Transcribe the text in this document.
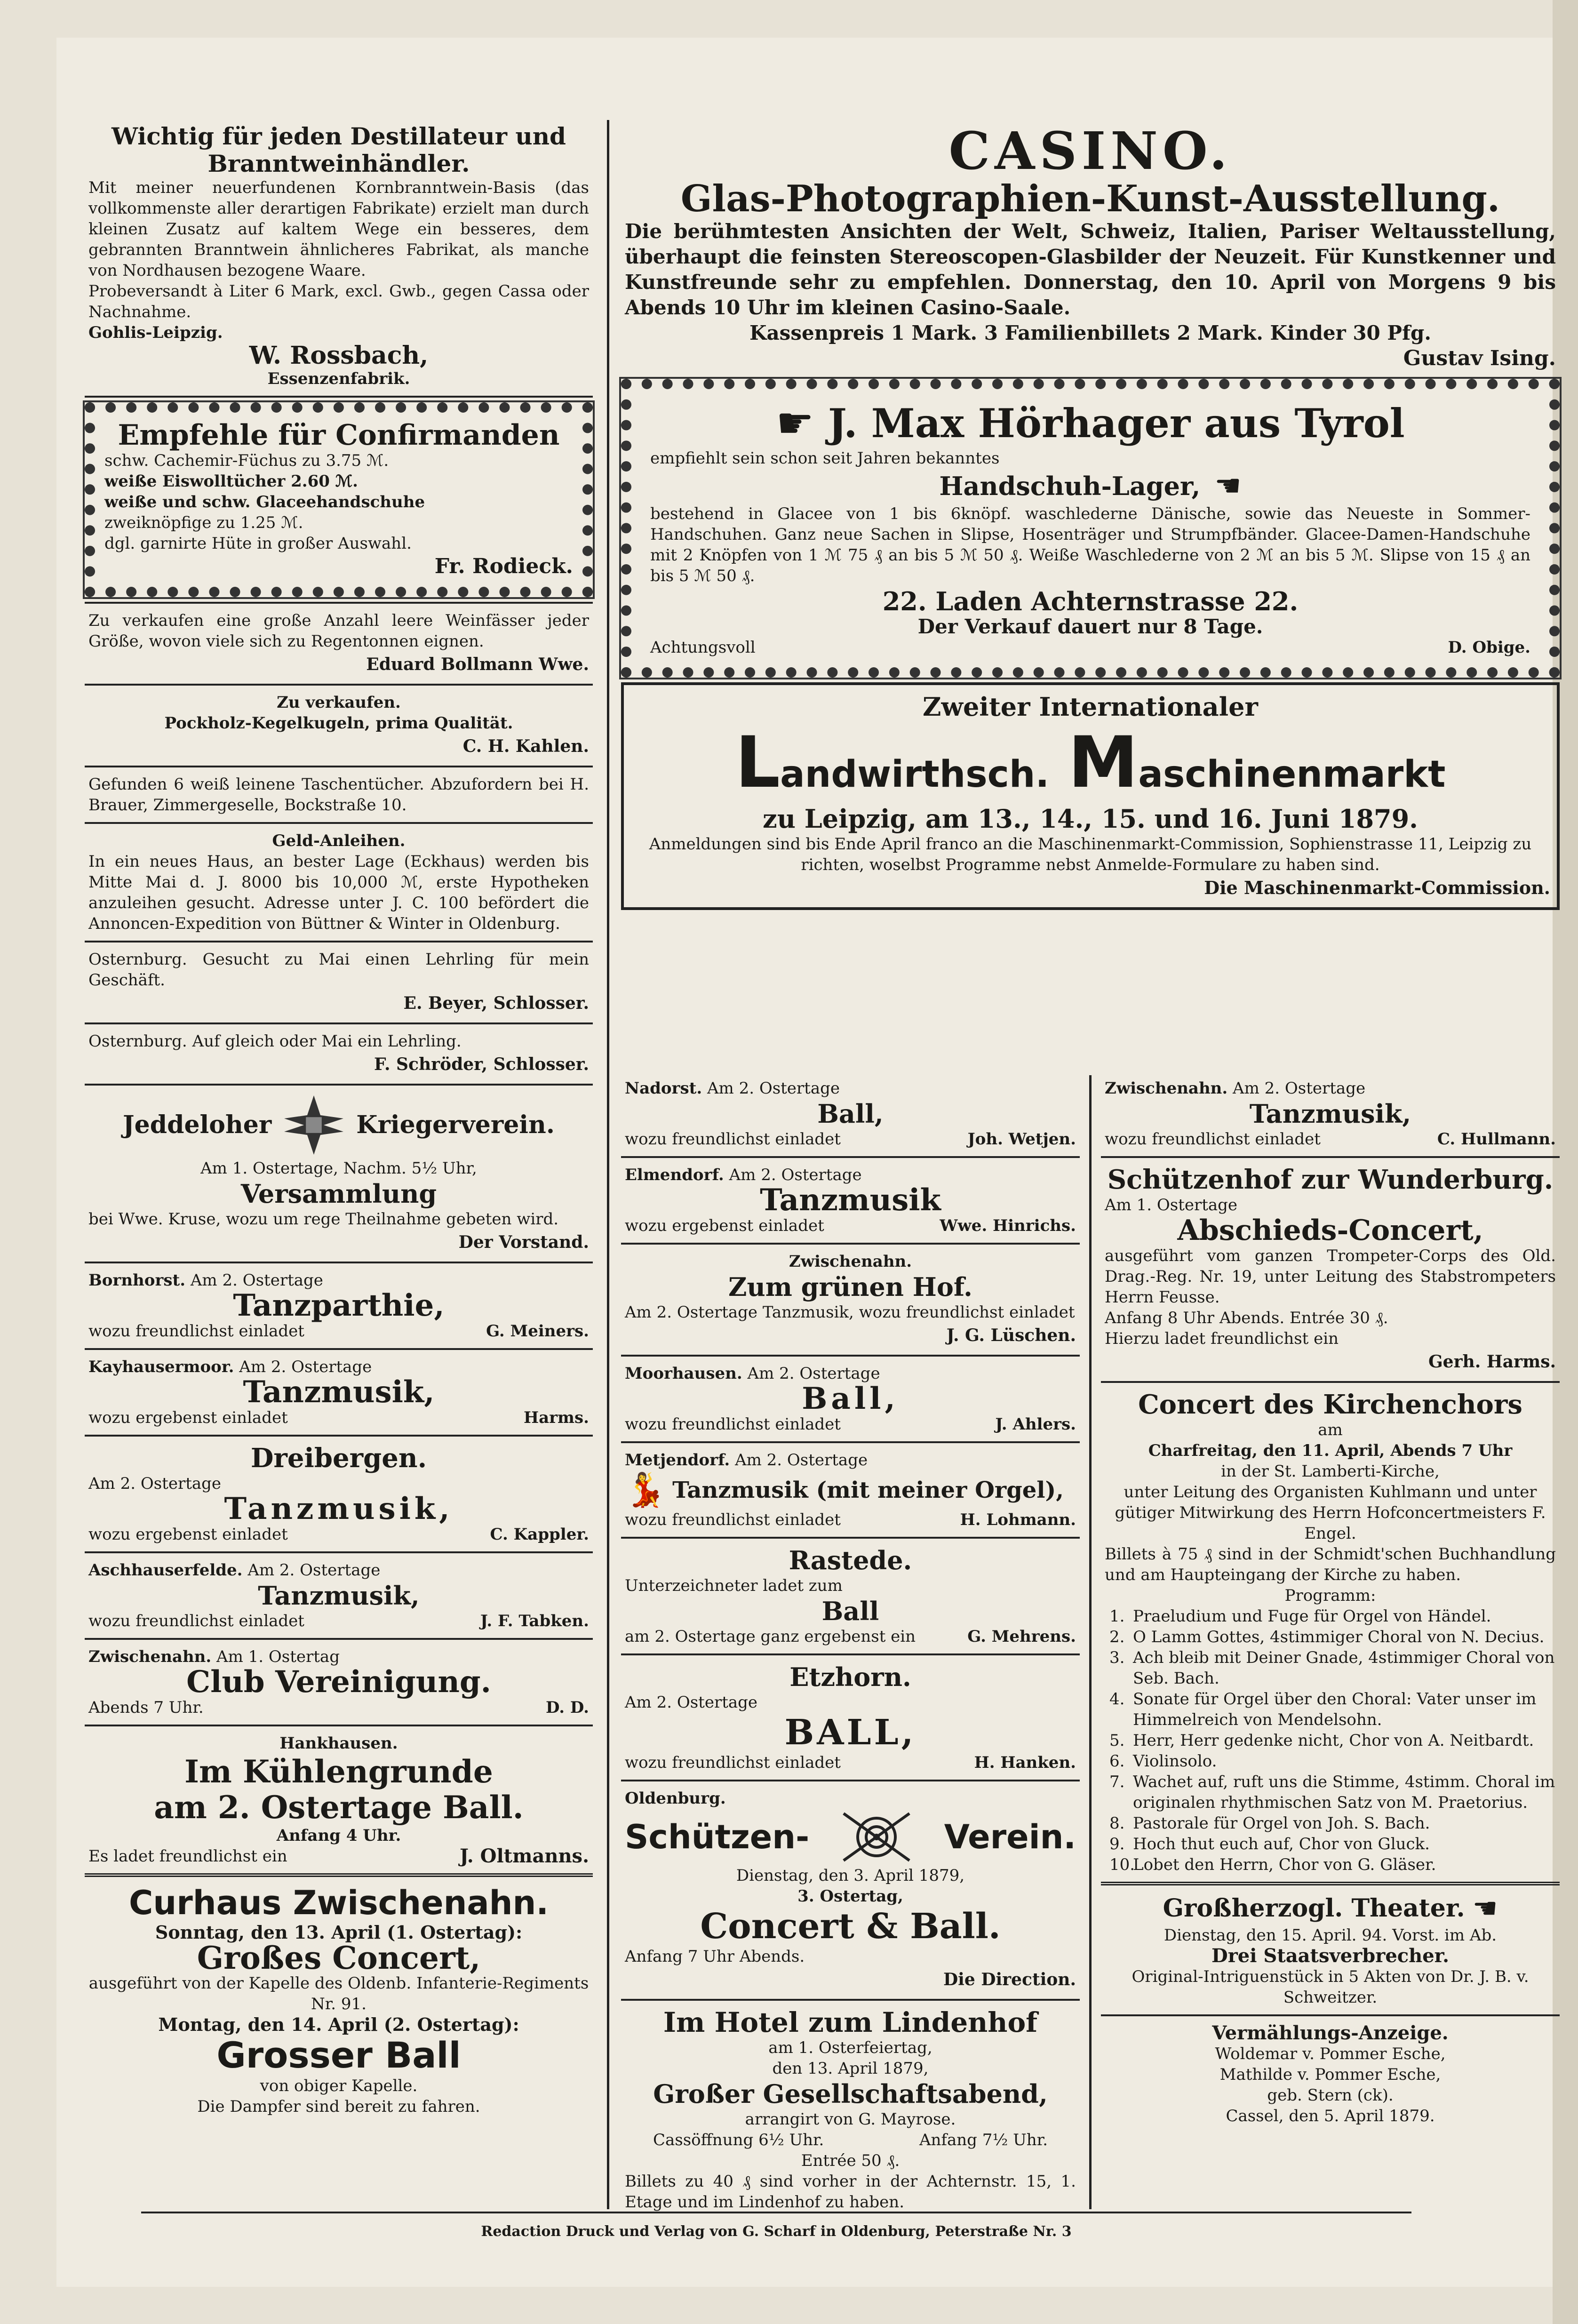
Wichtig für jeden Destillateur und Branntweinhändler.
Mit meiner neuerfundenen Kornbranntwein-Basis (das vollkommenste aller derartigen Fabrikate) erzielt man durch kleinen Zusatz auf kaltem Wege ein besseres, dem gebrannten Branntwein ähnlicheres Fabrikat, als manche von Nordhausen bezogene Waare.
Probeversandt à Liter 6 Mark, excl. Gwb., gegen Cassa oder Nachnahme.
Gohlis-Leipzig.
W. Rossbach,
Essenzenfabrik.
Empfehle für Confirmanden
schw. Cachemir-Füchus zu 3.75 ℳ.
weiße Eiswolltücher 2.60 ℳ.
weiße und schw. Glaceehandschuhe
zweiknöpfige zu 1.25 ℳ.
dgl. garnirte Hüte in großer Auswahl.
Fr. Rodieck.
Zu verkaufen eine große Anzahl leere Weinfässer jeder Größe, wovon viele sich zu Regentonnen eignen.
Eduard Bollmann Wwe.
Zu verkaufen.
Pockholz-Kegelkugeln, prima Qualität.
C. H. Kahlen.
Gefunden 6 weiß leinene Taschentücher. Abzufordern bei H. Brauer, Zimmergeselle, Bockstraße 10.
Geld-Anleihen.
In ein neues Haus, an bester Lage (Eckhaus) werden bis Mitte Mai d. J. 8000 bis 10,000 ℳ, erste Hypotheken anzuleihen gesucht. Adresse unter J. C. 100 befördert die Annoncen-Expedition von Büttner & Winter in Oldenburg.
Osternburg. Gesucht zu Mai einen Lehrling für mein Geschäft.
E. Beyer, Schlosser.
Osternburg. Auf gleich oder Mai ein Lehrling.
F. Schröder, Schlosser.
Jeddeloher	Kriegerverein.
Am 1. Ostertage, Nachm. 5½ Uhr,
Versammlung
bei Wwe. Kruse, wozu um rege Theilnahme gebeten wird.
Der Vorstand.
Bornhorst. Am 2. Ostertage
Tanzparthie,
wozu freundlichst einladet	G. Meiners.
Kayhausermoor. Am 2. Ostertage
Tanzmusik,
wozu ergebenst einladet	Harms.
Dreibergen.
Am 2. Ostertage
Tanzmusik,
wozu ergebenst einladet	C. Kappler.
Aschhauserfelde. Am 2. Ostertage
Tanzmusik,
wozu freundlichst einladet	J. F. Tabken.
Zwischenahn. Am 1. Ostertag
Club Vereinigung.
Abends 7 Uhr.	D. D.
Hankhausen.
Im Kühlengrunde
am 2. Ostertage Ball.
Anfang 4 Uhr.
Es ladet freundlichst ein	J. Oltmanns.
Curhaus Zwischenahn.
Sonntag, den 13. April (1. Ostertag):
Großes Concert,
ausgeführt von der Kapelle des Oldenb. Infanterie-Regiments Nr. 91.
Montag, den 14. April (2. Ostertag):
Grosser Ball
von obiger Kapelle.
Die Dampfer sind bereit zu fahren.
CASINO.
Glas-Photographien-Kunst-Ausstellung.
Die berühmtesten Ansichten der Welt, Schweiz, Italien, Pariser Weltausstellung, überhaupt die feinsten Stereoscopen-Glasbilder der Neuzeit. Für Kunstkenner und Kunstfreunde sehr zu empfehlen. Donnerstag, den 10. April von Morgens 9 bis Abends 10 Uhr im kleinen Casino-Saale.
Kassenpreis 1 Mark. 3 Familienbillets 2 Mark. Kinder 30 Pfg.
Gustav Ising.
☛ J. Max Hörhager aus Tyrol
empfiehlt sein schon seit Jahren bekanntes
Handschuh-Lager, ☚
bestehend in Glacee von 1 bis 6knöpf. waschlederne Dänische, sowie das Neueste in Sommer-Handschuhen. Ganz neue Sachen in Slipse, Hosenträger und Strumpfbänder. Glacee-Damen-Handschuhe mit 2 Knöpfen von 1 ℳ 75 ₰ an bis 5 ℳ 50 ₰. Weiße Waschlederne von 2 ℳ an bis 5 ℳ. Slipse von 15 ₰ an bis 5 ℳ 50 ₰.
22. Laden Achternstrasse 22.
Der Verkauf dauert nur 8 Tage.
Achtungsvoll	D. Obige.
Zweiter Internationaler
Landwirthsch. Maschinenmarkt
zu Leipzig, am 13., 14., 15. und 16. Juni 1879.
Anmeldungen sind bis Ende April franco an die Maschinenmarkt-Commission, Sophienstrasse 11, Leipzig zu richten, woselbst Programme nebst Anmelde-Formulare zu haben sind.
Die Maschinenmarkt-Commission.
Nadorst. Am 2. Ostertage
Ball,
wozu freundlichst einladet	Joh. Wetjen.
Elmendorf. Am 2. Ostertage
Tanzmusik
wozu ergebenst einladet	Wwe. Hinrichs.
Zwischenahn.
Zum grünen Hof.
Am 2. Ostertage Tanzmusik, wozu freundlichst einladet
J. G. Lüschen.
Moorhausen. Am 2. Ostertage
Ball,
wozu freundlichst einladet	J. Ahlers.
Metjendorf. Am 2. Ostertage
💃 Tanzmusik (mit meiner Orgel),
wozu freundlichst einladet	H. Lohmann.
Rastede.
Unterzeichneter ladet zum
Ball
am 2. Ostertage ganz ergebenst ein	G. Mehrens.
Etzhorn.
Am 2. Ostertage
BALL,
wozu freundlichst einladet	H. Hanken.
Oldenburg.
Schützen-	Verein.
Dienstag, den 3. April 1879,
3. Ostertag,
Concert & Ball.
Anfang 7 Uhr Abends.
Die Direction.
Im Hotel zum Lindenhof
am 1. Osterfeiertag,
den 13. April 1879,
Großer Gesellschaftsabend,
arrangirt von G. Mayrose.
Cassöffnung 6½ Uhr.	Anfang 7½ Uhr.
Entrée 50 ₰.
Billets zu 40 ₰ sind vorher in der Achternstr. 15, 1. Etage und im Lindenhof zu haben.
Zwischenahn. Am 2. Ostertage
Tanzmusik,
wozu freundlichst einladet	C. Hullmann.
Schützenhof zur Wunderburg.
Am 1. Ostertage
Abschieds-Concert,
ausgeführt vom ganzen Trompeter-Corps des Old. Drag.-Reg. Nr. 19, unter Leitung des Stabstrompeters Herrn Feusse.
Anfang 8 Uhr Abends. Entrée 30 ₰.
Hierzu ladet freundlichst ein
Gerh. Harms.
Concert des Kirchenchors
am
Charfreitag, den 11. April, Abends 7 Uhr
in der St. Lamberti-Kirche,
unter Leitung des Organisten Kuhlmann und unter gütiger Mitwirkung des Herrn Hofconcertmeisters F. Engel.
Billets à 75 ₰ sind in der Schmidt'schen Buchhandlung und am Haupteingang der Kirche zu haben.
Programm:
1. Praeludium und Fuge für Orgel von Händel.
2. O Lamm Gottes, 4stimmiger Choral von N. Decius.
3. Ach bleib mit Deiner Gnade, 4stimmiger Choral von Seb. Bach.
4. Sonate für Orgel über den Choral: Vater unser im Himmelreich von Mendelsohn.
5. Herr, Herr gedenke nicht, Chor von A. Neitbardt.
6. Violinsolo.
7. Wachet auf, ruft uns die Stimme, 4stimm. Choral im originalen rhythmischen Satz von M. Praetorius.
8. Pastorale für Orgel von Joh. S. Bach.
9. Hoch thut euch auf, Chor von Gluck.
10.
Lobet den Herrn, Chor von G. Gläser.
Großherzogl. Theater. ☚
Dienstag, den 15. April. 94. Vorst. im Ab.
Drei Staatsverbrecher.
Original-Intriguenstück in 5 Akten von Dr. J. B. v. Schweitzer.
Vermählungs-Anzeige.
Woldemar v. Pommer Esche,
Mathilde v. Pommer Esche,
geb. Stern (ck).
Cassel, den 5. April 1879.
Redaction Druck und Verlag von G. Scharf in Oldenburg, Peterstraße Nr. 3
